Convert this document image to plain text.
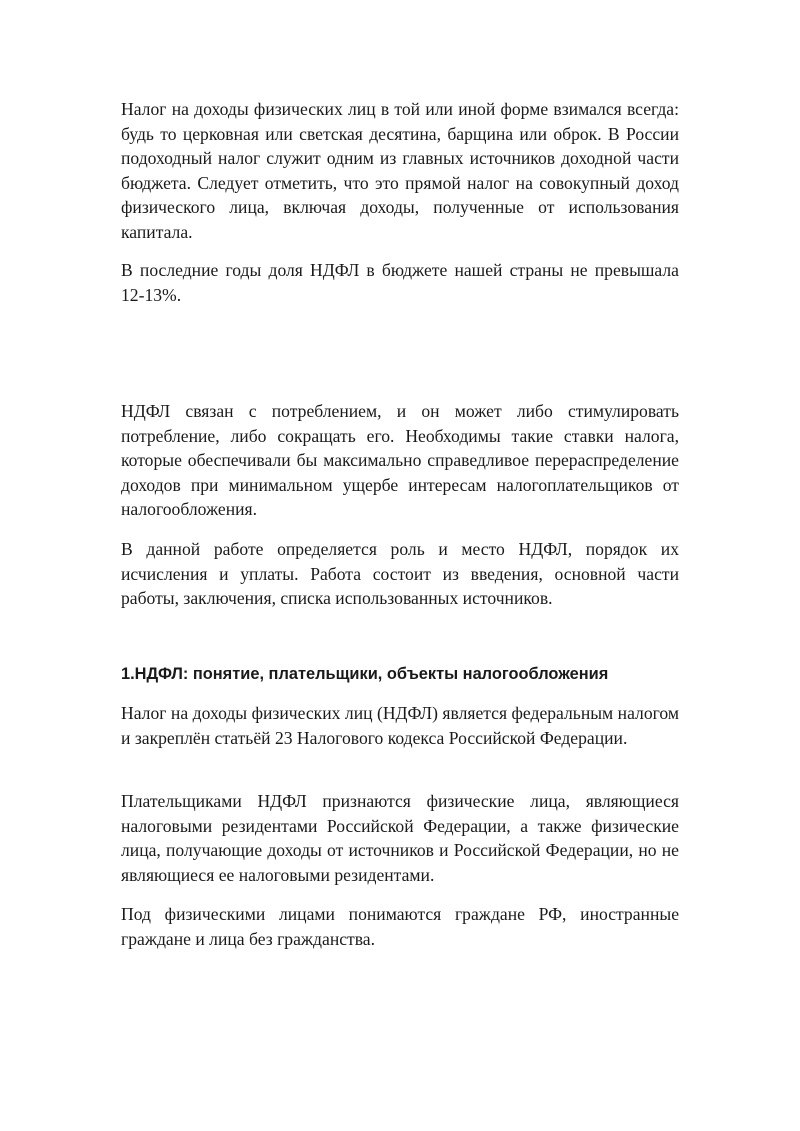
Налог на доходы физических лиц в той или иной форме взимался всегда: будь то церковная или светская десятина, барщина или оброк. В России подоходный налог служит одним из главных источников доходной части бюджета. Следует отметить, что это прямой налог на совокупный доход физического лица, включая доходы, полученные от использования капитала.

В последние годы доля НДФЛ в бюджете нашей страны не превышала 12-13%.

НДФЛ связан с потреблением, и он может либо стимулировать потребление, либо сокращать его. Необходимы такие ставки налога, которые обеспечивали бы максимально справедливое перераспределение доходов при минимальном ущербе интересам налогоплательщиков от налогообложения.

В данной работе определяется роль и место НДФЛ, порядок их исчисления и уплаты. Работа состоит из введения, основной части работы, заключения, списка использованных источников.

1.НДФЛ: понятие, плательщики, объекты налогообложения

Налог на доходы физических лиц (НДФЛ) является федеральным налогом и закреплён статьёй 23 Налогового кодекса Российской Федерации.

Плательщиками НДФЛ признаются физические лица, являющиеся налоговыми резидентами Российской Федерации, а также физические лица, получающие доходы от источников и Российской Федерации, но не являющиеся ее налоговыми резидентами.

Под физическими лицами понимаются граждане РФ, иностранные граждане и лица без гражданства.
